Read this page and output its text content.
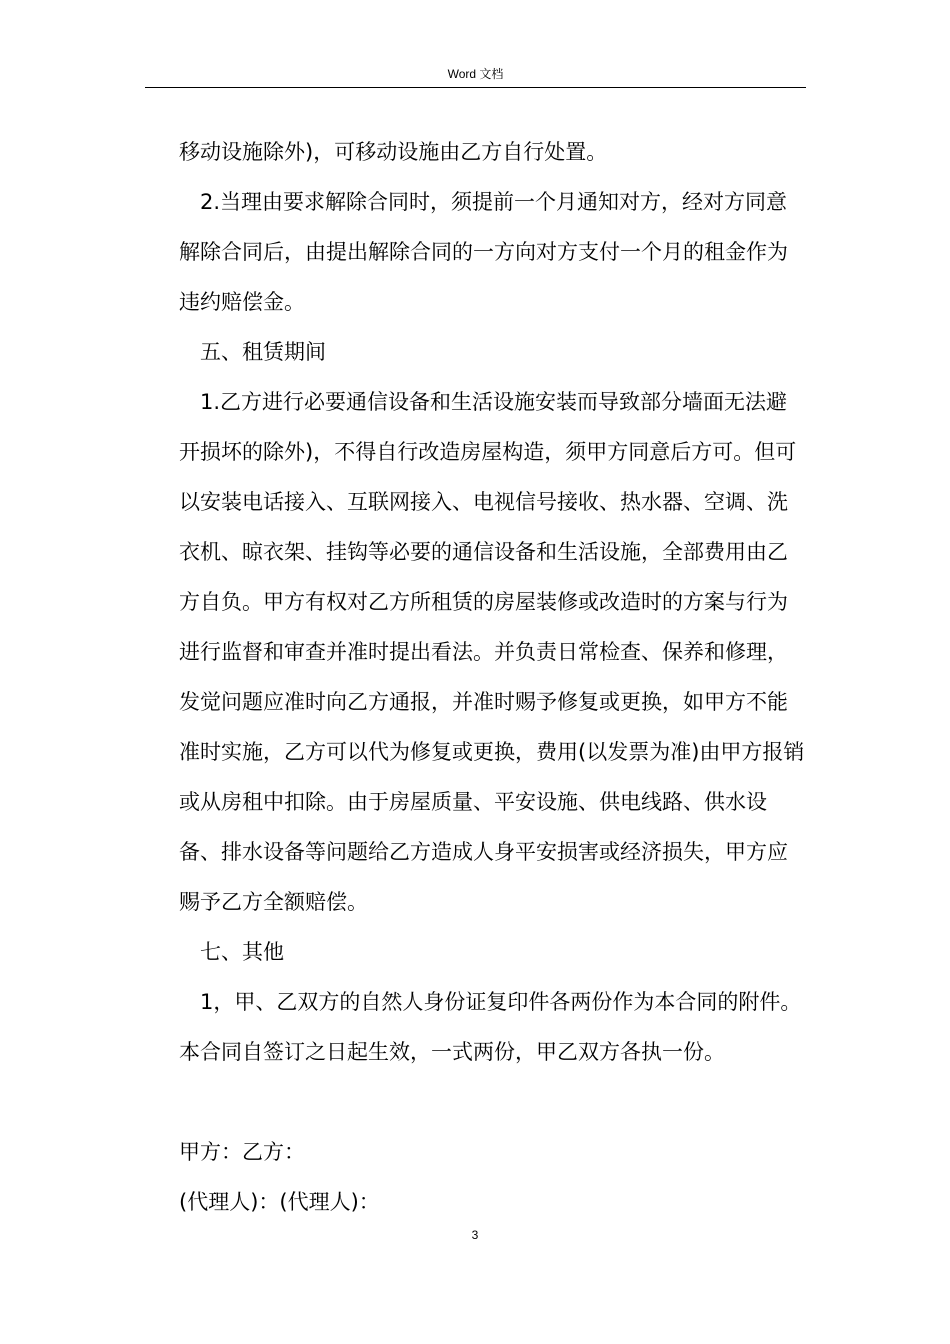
Word 文档

移动设施除外)，可移动设施由乙方自行处置。

2.当理由要求解除合同时，须提前一个月通知对方，经对方同意解除合同后，由提出解除合同的一方向对方支付一个月的租金作为违约赔偿金。

五、租赁期间

1.乙方进行必要通信设备和生活设施安装而导致部分墙面无法避开损坏的除外)，不得自行改造房屋构造，须甲方同意后方可。但可以安装电话接入、互联网接入、电视信号接收、热水器、空调、洗衣机、晾衣架、挂钩等必要的通信设备和生活设施，全部费用由乙方自负。甲方有权对乙方所租赁的房屋装修或改造时的方案与行为进行监督和审查并准时提出看法。并负责日常检查、保养和修理，发觉问题应准时向乙方通报，并准时赐予修复或更换，如甲方不能准时实施，乙方可以代为修复或更换，费用(以发票为准)由甲方报销或从房租中扣除。由于房屋质量、平安设施、供电线路、供水设备、排水设备等问题给乙方造成人身平安损害或经济损失，甲方应赐予乙方全额赔偿。

七、其他

1，甲、乙双方的自然人身份证复印件各两份作为本合同的附件。本合同自签订之日起生效，一式两份，甲乙双方各执一份。

甲方：乙方：

(代理人)：(代理人)：

3
